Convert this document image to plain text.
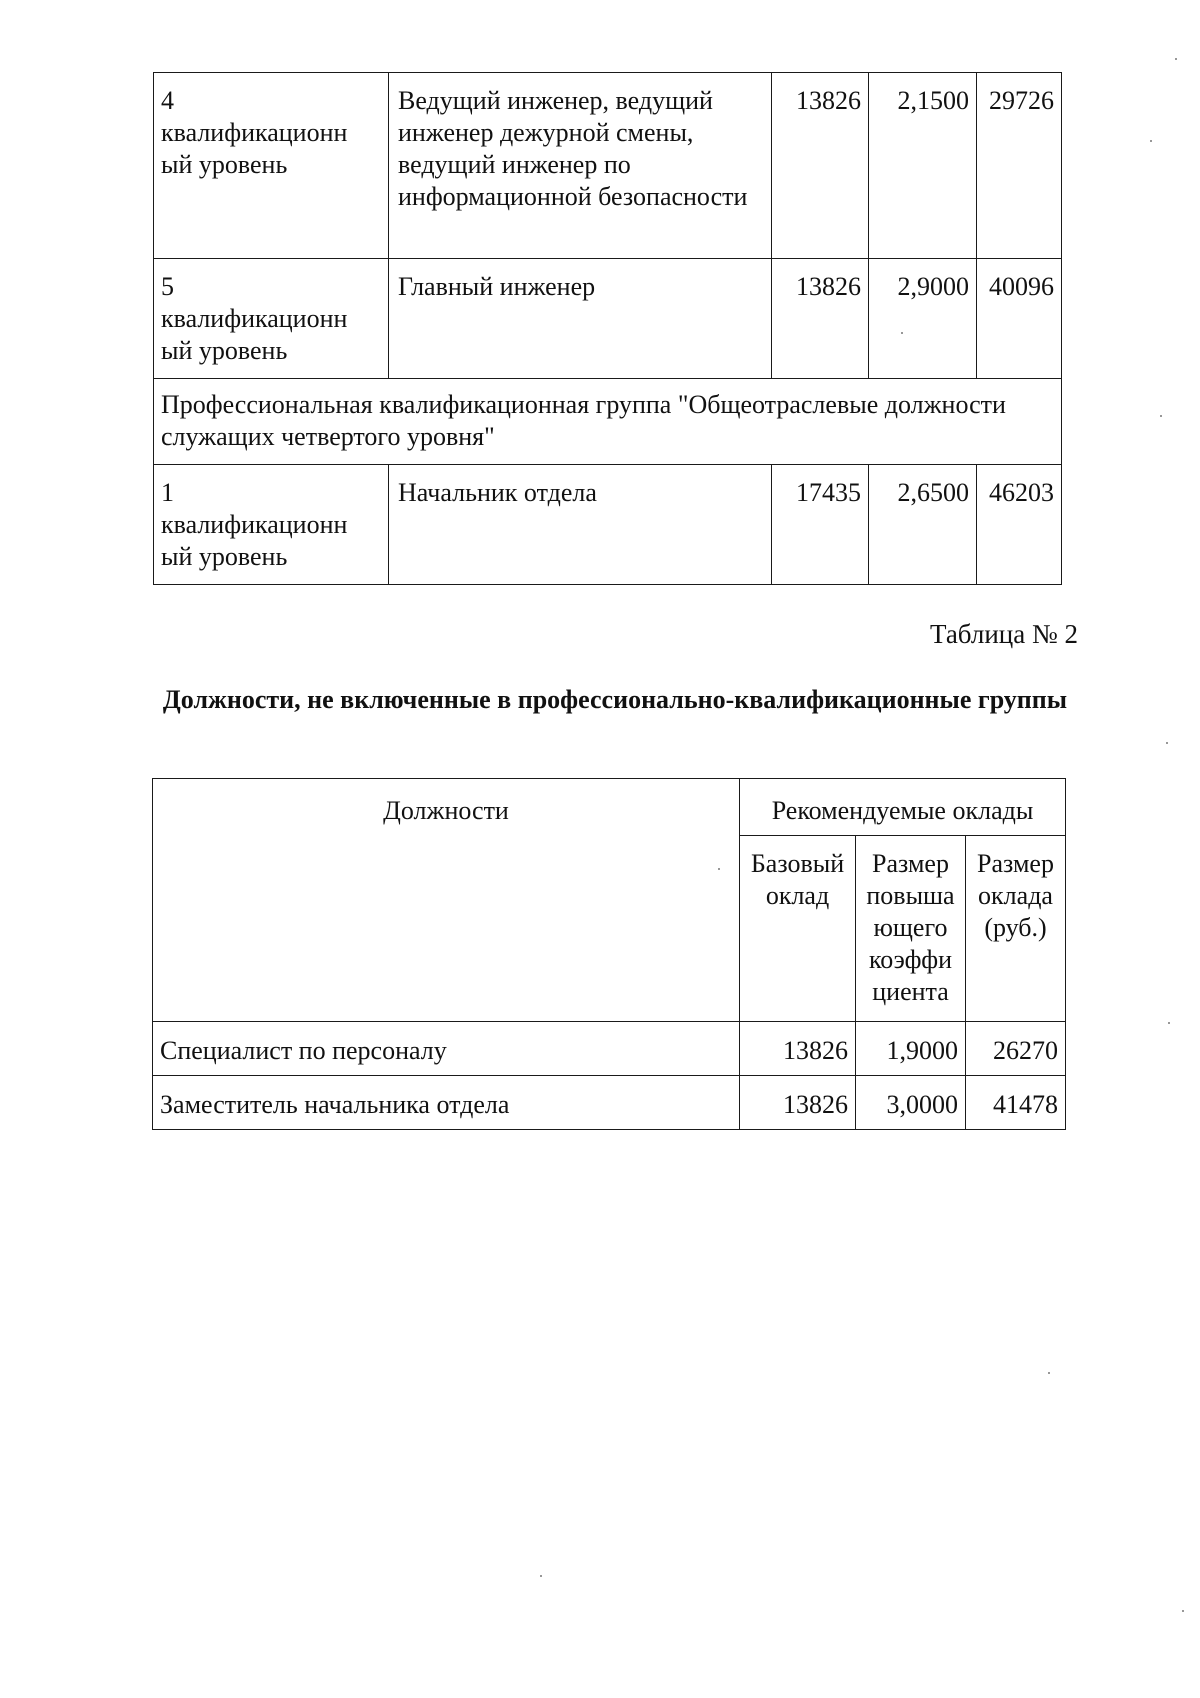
4
квалификационн
ый уровень	Ведущий инженер, ведущий инженер дежурной смены, ведущий инженер по информационной безопасности	13826	2,1500	29726
5
квалификационн
ый уровень	Главный инженер	13826	2,9000	40096
Профессиональная квалификационная группа "Общеотраслевые должности служащих четвертого уровня"				
1
квалификационн
ый уровень	Начальник отдела	17435	2,6500	46203
Таблица № 2
Должности, не включенные в профессионально-квалификационные группы
Должности	Рекомендуемые оклады		
	Базовый оклад	Размер повыша ющего коэффи циента	Размер оклада (руб.)
Специалист по персоналу	13826	1,9000	26270
Заместитель начальника отдела	13826	3,0000	41478
